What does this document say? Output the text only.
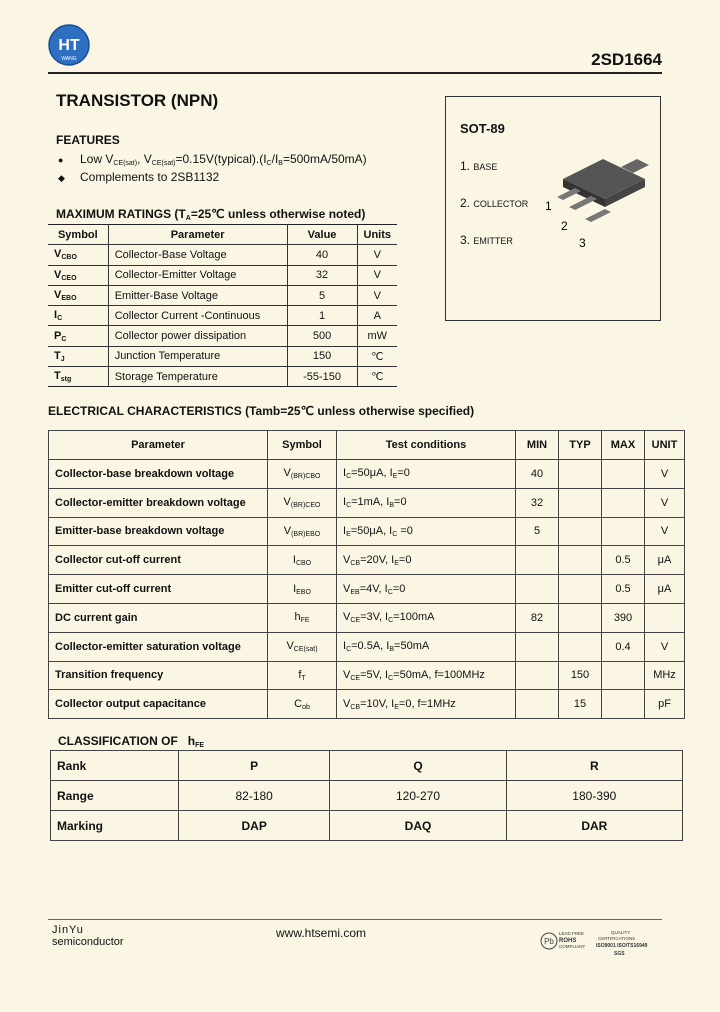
HT
WANG	2SD1664
TRANSISTOR (NPN)
FEATURES
● Low $V_{CE(sat)}$, $V_{CE(sat)}=0.15V(typical).(I_C/I_B=500mA/50mA)$
◆ Complements to 2SB1132
SOT-89
1. BASE
2. COLLECTOR
3. EMITTER
1
2
3
MAXIMUM RATINGS ($T_A=25℃$ unless otherwise noted)
Symbol	Parameter	Value	Units
$V_{CBO}$	Collector-Base Voltage	40	V
$V_{CEO}$	Collector-Emitter Voltage	32	V
$V_{EBO}$	Emitter-Base Voltage	5	V
$I_C$	Collector Current -Continuous	1	A
$P_C$	Collector power dissipation	500	mW
$T_J$	Junction Temperature	150	℃
$T_{stg}$	Storage Temperature	-55-150	℃
ELECTRICAL CHARACTERISTICS (Tamb=25℃ unless otherwise specified)
Parameter	Symbol	Test conditions	MIN	TYP	MAX	UNIT
Collector-base breakdown voltage	$V_{(BR)CBO}$	$I_C=50\mu A$, $I_E=0$	40			V
Collector-emitter breakdown voltage	$V_{(BR)CEO}$	$I_C=1mA$, $I_B=0$	32			V
Emitter-base breakdown voltage	$V_{(BR)EBO}$	$I_E=50\mu A$, $I_C =0$	5			V
Collector cut-off current	$I_{CBO}$	$V_{CB}=20V$, $I_E=0$			0.5	μA
Emitter cut-off current	$I_{EBO}$	$V_{EB}=4V$, $I_C=0$			0.5	μA
DC current gain	$h_{FE}$	$V_{CE}=3V$, $I_C=100mA$	82		390	
Collector-emitter saturation voltage	$V_{CE(sat)}$	$I_C=0.5A$, $I_B=50mA$			0.4	V
Transition frequency	$f_T$	$V_{CE}=5V$, $I_C=50mA$, f=100MHz		150		MHz
Collector output capacitance	$C_{ob}$	$V_{CB}=10V$, $I_E=0$, f=1MHz		15		pF
CLASSIFICATION OF $h_{FE}$
Rank	P	Q	R
Range	82-180	120-270	180-390
Marking	DAP	DAQ	DAR
JinYu
semiconductor
www.htsemi.com
Pb
LEAD FREE
ROHS
COMPLIANT
QUALITY
CERTIFICATIONS
ISO9001 ISO/TS16949
SGS
